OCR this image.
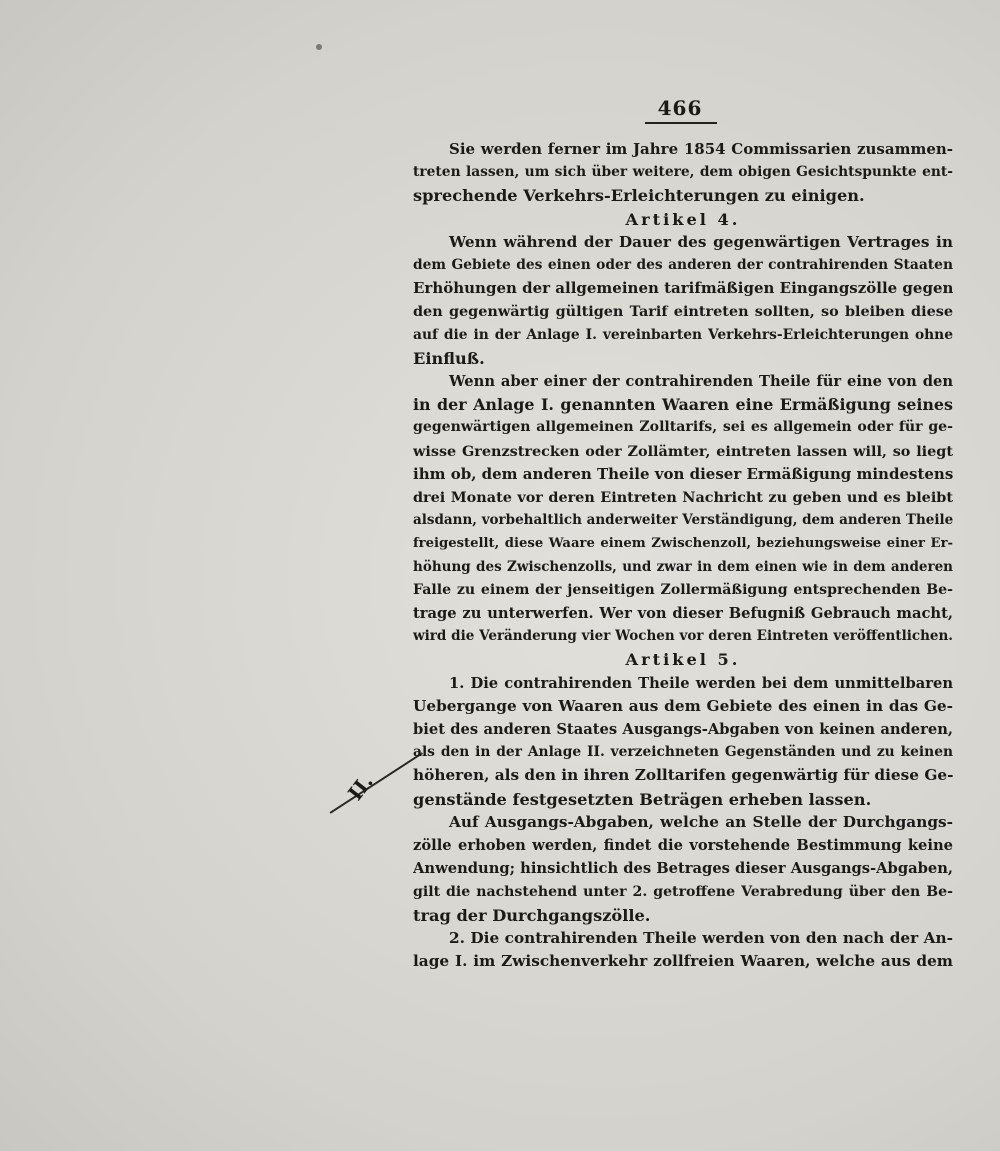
466
II.
Sie werden ferner im Jahre 1854 Commissarien zusammen-
treten lassen, um sich über weitere, dem obigen Gesichtspunkte ent-
sprechende Verkehrs-Erleichterungen zu einigen.
Artikel 4.
Wenn während der Dauer des gegenwärtigen Vertrages in
dem Gebiete des einen oder des anderen der contrahirenden Staaten
Erhöhungen der allgemeinen tarifmäßigen Eingangszölle gegen
den gegenwärtig gültigen Tarif eintreten sollten, so bleiben diese
auf die in der Anlage I. vereinbarten Verkehrs-Erleichterungen ohne
Einfluß.
Wenn aber einer der contrahirenden Theile für eine von den
in der Anlage I. genannten Waaren eine Ermäßigung seines
gegenwärtigen allgemeinen Zolltarifs, sei es allgemein oder für ge-
wisse Grenzstrecken oder Zollämter, eintreten lassen will, so liegt
ihm ob, dem anderen Theile von dieser Ermäßigung mindestens
drei Monate vor deren Eintreten Nachricht zu geben und es bleibt
alsdann, vorbehaltlich anderweiter Verständigung, dem anderen Theile
freigestellt, diese Waare einem Zwischenzoll, beziehungsweise einer Er-
höhung des Zwischenzolls, und zwar in dem einen wie in dem anderen
Falle zu einem der jenseitigen Zollermäßigung entsprechenden Be-
trage zu unterwerfen. Wer von dieser Befugniß Gebrauch macht,
wird die Veränderung vier Wochen vor deren Eintreten veröffentlichen.
Artikel 5.
1. Die contrahirenden Theile werden bei dem unmittelbaren
Uebergange von Waaren aus dem Gebiete des einen in das Ge-
biet des anderen Staates Ausgangs-Abgaben von keinen anderen,
als den in der Anlage II. verzeichneten Gegenständen und zu keinen
höheren, als den in ihren Zolltarifen gegenwärtig für diese Ge-
genstände festgesetzten Beträgen erheben lassen.
Auf Ausgangs-Abgaben, welche an Stelle der Durchgangs-
zölle erhoben werden, findet die vorstehende Bestimmung keine
Anwendung; hinsichtlich des Betrages dieser Ausgangs-Abgaben,
gilt die nachstehend unter 2. getroffene Verabredung über den Be-
trag der Durchgangszölle.
2. Die contrahirenden Theile werden von den nach der An-
lage I. im Zwischenverkehr zollfreien Waaren, welche aus dem
